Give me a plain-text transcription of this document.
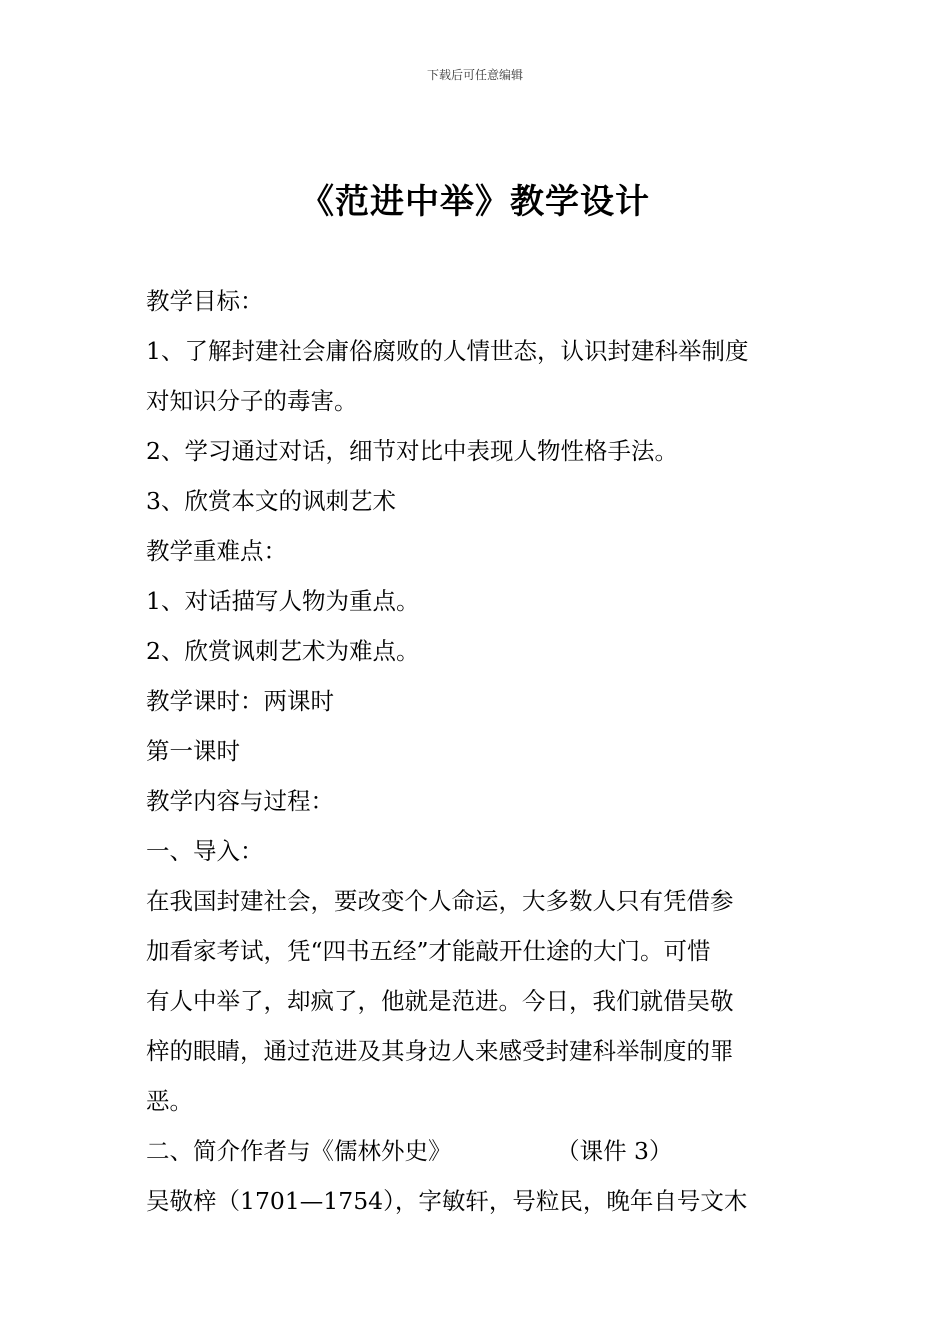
下载后可任意编辑
《范进中举》教学设计
教学目标：
1、了解封建社会庸俗腐败的人情世态，认识封建科举制度
对知识分子的毒害。
2、学习通过对话，细节对比中表现人物性格手法。
3、欣赏本文的讽刺艺术
教学重难点：
1、对话描写人物为重点。
2、欣赏讽刺艺术为难点。
教学课时：两课时
第一课时
教学内容与过程：
一、导入：
在我国封建社会，要改变个人命运，大多数人只有凭借参
加看家考试，凭“四书五经”才能敲开仕途的大门。可惜
有人中举了，却疯了，他就是范进。今日，我们就借吴敬
梓的眼睛，通过范进及其身边人来感受封建科举制度的罪
恶。
二、简介作者与《儒林外史》              （课件 3）
吴敬梓（1701—1754），字敏轩，号粒民，晚年自号文木
